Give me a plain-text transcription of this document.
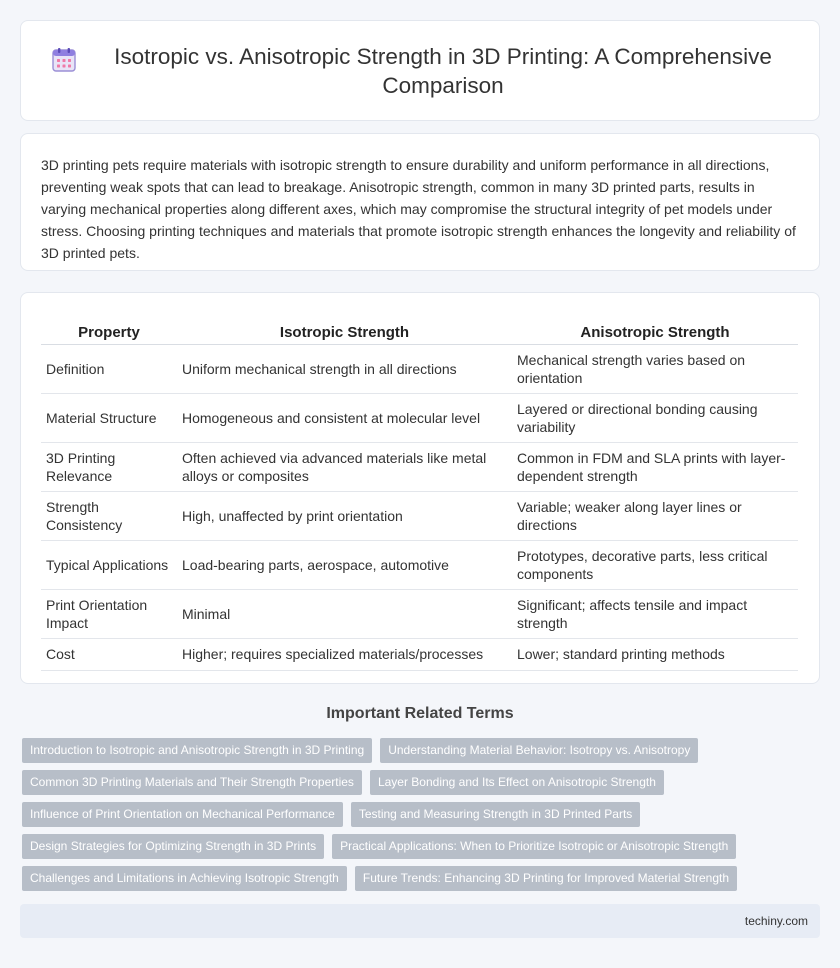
Isotropic vs. Anisotropic Strength in 3D Printing: A Comprehensive Comparison

3D printing pets require materials with isotropic strength to ensure durability and uniform performance in all directions, preventing weak spots that can lead to breakage. Anisotropic strength, common in many 3D printed parts, results in varying mechanical properties along different axes, which may compromise the structural integrity of pet models under stress. Choosing printing techniques and materials that promote isotropic strength enhances the longevity and reliability of 3D printed pets.

Property	Isotropic Strength	Anisotropic Strength
Definition	Uniform mechanical strength in all directions	Mechanical strength varies based on orientation
Material Structure	Homogeneous and consistent at molecular level	Layered or directional bonding causing variability
3D Printing Relevance	Often achieved via advanced materials like metal alloys or composites	Common in FDM and SLA prints with layer-dependent strength
Strength Consistency	High, unaffected by print orientation	Variable; weaker along layer lines or directions
Typical Applications	Load-bearing parts, aerospace, automotive	Prototypes, decorative parts, less critical components
Print Orientation Impact	Minimal	Significant; affects tensile and impact strength
Cost	Higher; requires specialized materials/processes	Lower; standard printing methods
Important Related Terms
Introduction to Isotropic and Anisotropic Strength in 3D Printing	Understanding Material Behavior: Isotropy vs. Anisotropy
Common 3D Printing Materials and Their Strength Properties	Layer Bonding and Its Effect on Anisotropic Strength
Influence of Print Orientation on Mechanical Performance	Testing and Measuring Strength in 3D Printed Parts
Design Strategies for Optimizing Strength in 3D Prints	Practical Applications: When to Prioritize Isotropic or Anisotropic Strength
Challenges and Limitations in Achieving Isotropic Strength	Future Trends: Enhancing 3D Printing for Improved Material Strength
techiny.com
